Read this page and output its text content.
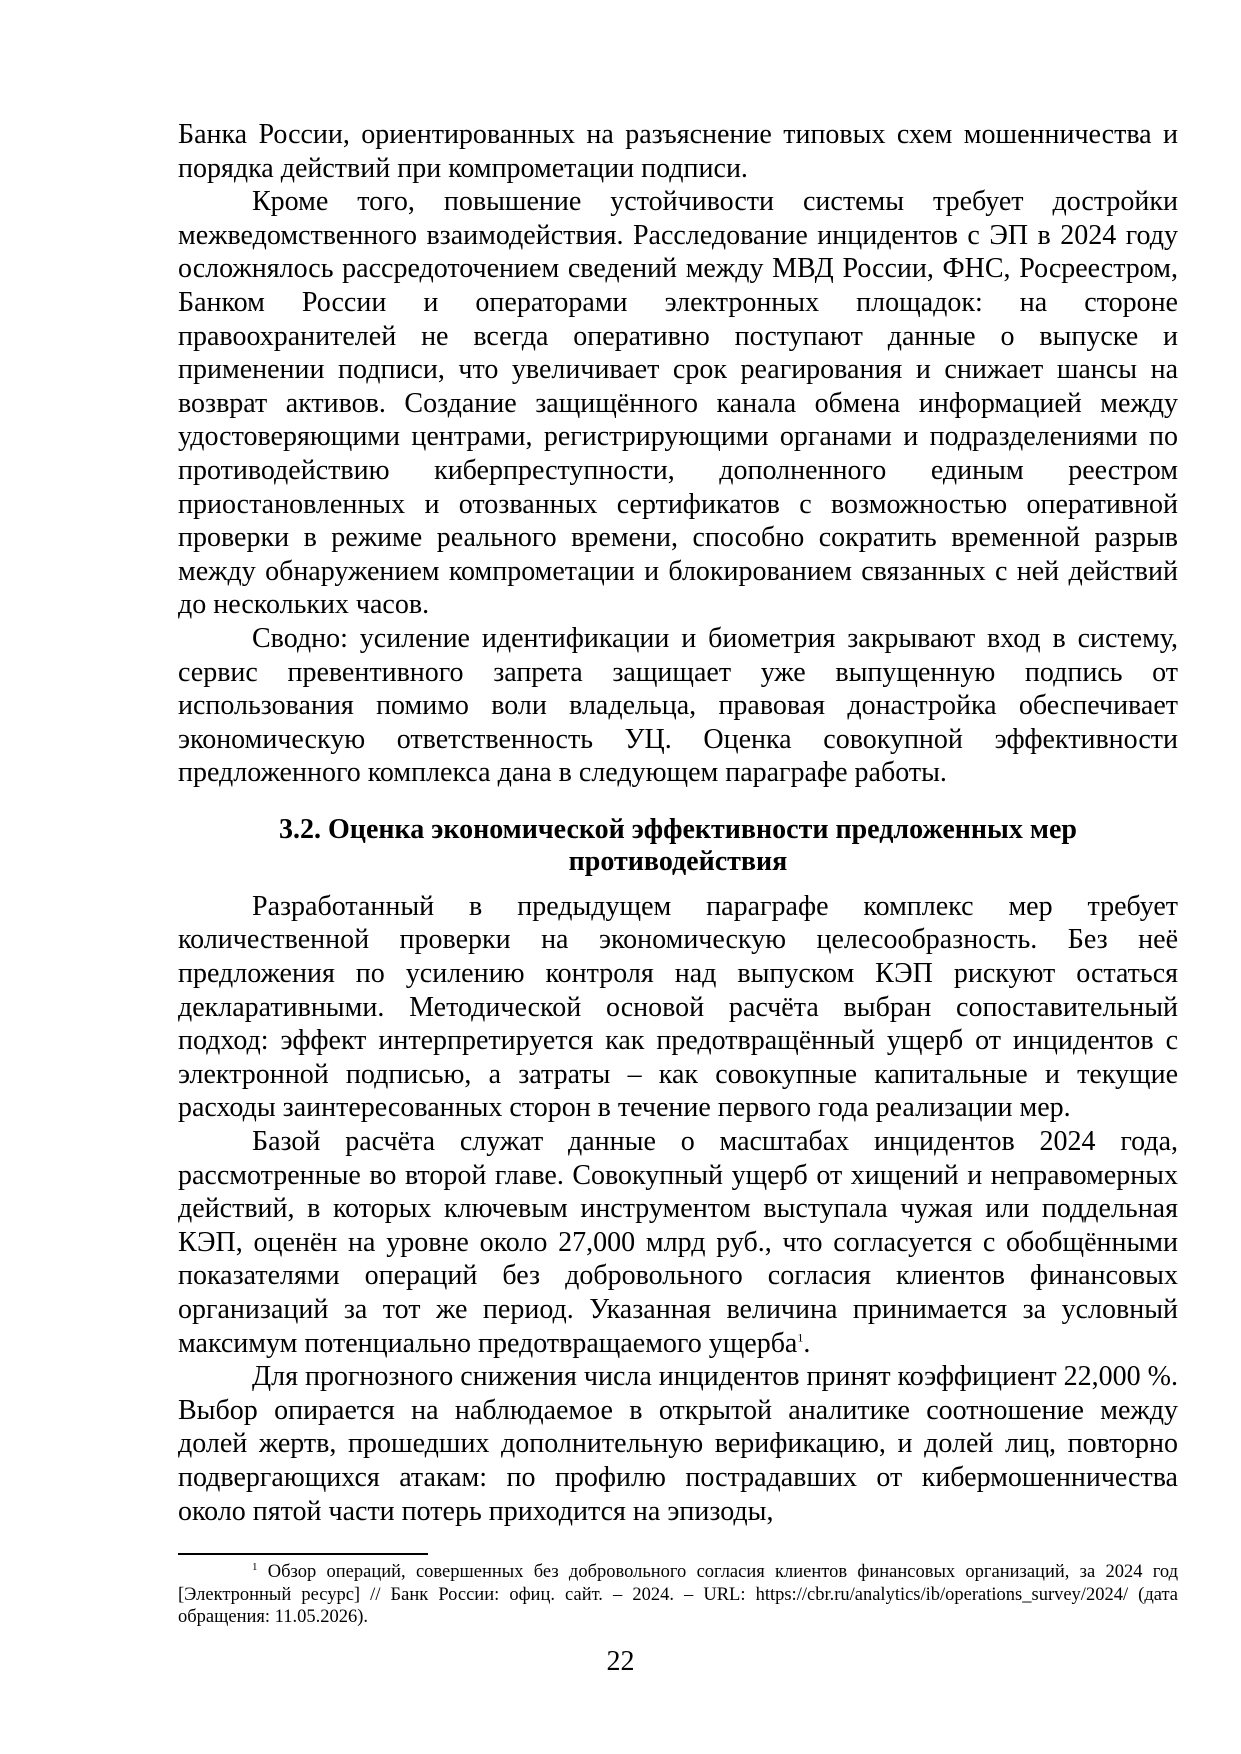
Банка России, ориентированных на разъяснение типовых схем мошенничества и порядка действий при компрометации подписи.

Кроме того, повышение устойчивости системы требует достройки межведомственного взаимодействия. Расследование инцидентов с ЭП в 2024 году осложнялось рассредоточением сведений между МВД России, ФНС, Росреестром, Банком России и операторами электронных площадок: на стороне правоохранителей не всегда оперативно поступают данные о выпуске и применении подписи, что увеличивает срок реагирования и снижает шансы на возврат активов. Создание защищённого канала обмена информацией между удостоверяющими центрами, регистрирующими органами и подразделениями по противодействию киберпреступности, дополненного единым реестром приостановленных и отозванных сертификатов с возможностью оперативной проверки в режиме реального времени, способно сократить временной разрыв между обнаружением компрометации и блокированием связанных с ней действий до нескольких часов.

Сводно: усиление идентификации и биометрия закрывают вход в систему, сервис превентивного запрета защищает уже выпущенную подпись от использования помимо воли владельца, правовая донастройка обеспечивает экономическую ответственность УЦ. Оценка совокупной эффективности предложенного комплекса дана в следующем параграфе работы.

3.2. Оценка экономической эффективности предложенных мер противодействия

Разработанный в предыдущем параграфе комплекс мер требует количественной проверки на экономическую целесообразность. Без неё предложения по усилению контроля над выпуском КЭП рискуют остаться декларативными. Методической основой расчёта выбран сопоставительный подход: эффект интерпретируется как предотвращённый ущерб от инцидентов с электронной подписью, а затраты – как совокупные капитальные и текущие расходы заинтересованных сторон в течение первого года реализации мер.

Базой расчёта служат данные о масштабах инцидентов 2024 года, рассмотренные во второй главе. Совокупный ущерб от хищений и неправомерных действий, в которых ключевым инструментом выступала чужая или поддельная КЭП, оценён на уровне около 27,000 млрд руб., что согласуется с обобщёнными показателями операций без добровольного согласия клиентов финансовых организаций за тот же период. Указанная величина принимается за условный максимум потенциально предотвращаемого ущерба$^1$.

Для прогнозного снижения числа инцидентов принят коэффициент 22,000 %. Выбор опирается на наблюдаемое в открытой аналитике соотношение между долей жертв, прошедших дополнительную верификацию, и долей лиц, повторно подвергающихся атакам: по профилю пострадавших от кибермошенничества около пятой части потерь приходится на эпизоды,

$^1$ Обзор операций, совершенных без добровольного согласия клиентов финансовых организаций, за 2024 год [Электронный ресурс] // Банк России: офиц. сайт. – 2024. – URL: https://cbr.ru/analytics/ib/operations_survey/2024/ (дата обращения: 11.05.2026).

22
